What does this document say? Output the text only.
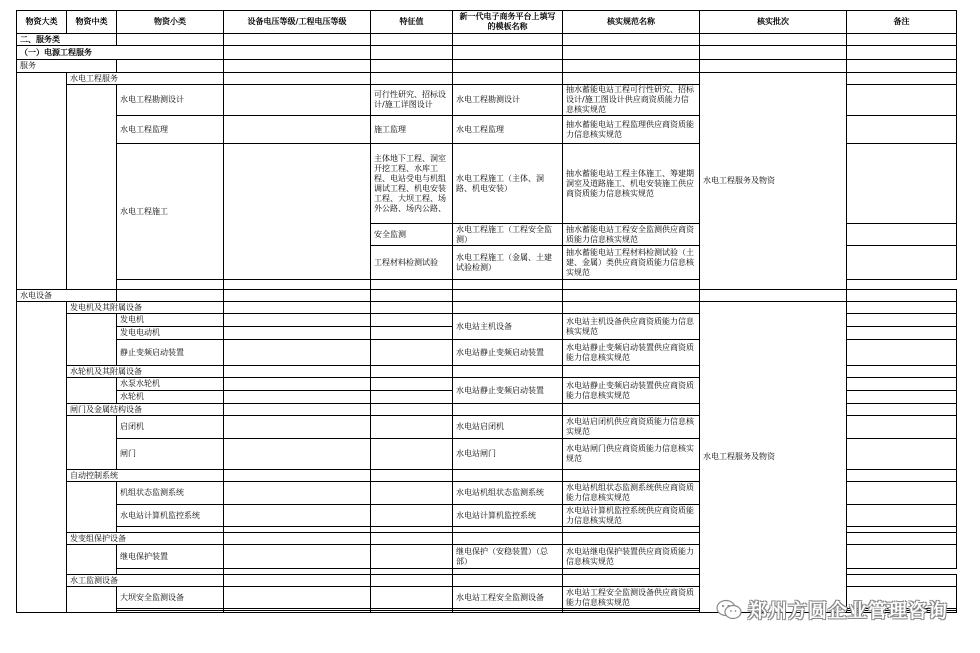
物资大类	物资中类	物资小类	设备电压等级/工程电压等级	特征值	新一代电子商务平台上填写的模板名称	核实规范名称	核实批次	备注
二、服务类								
（一）电源工程服务								
服务								
	水电工程服务						水电工程服务及物资	
		水电工程勘测设计		可行性研究、招标设计/施工详图设计	水电工程勘测设计	抽水蓄能电站工程可行性研究、招标设计/施工图设计供应商资质能力信息核实规范		
		水电工程监理		施工监理	水电工程监理	抽水蓄能电站工程监理供应商资质能力信息核实规范		
		水电工程施工		主体地下工程、洞室开挖工程、水库工程、电站受电与机组调试工程、机电安装工程、大坝工程、场外公路、场内公路、	水电工程施工（主体、洞路、机电安装）	抽水蓄能电站工程主体施工、筹建期洞室及道路施工、机电安装施工供应商资质能力信息核实规范		
				安全监测	水电工程施工（工程安全监测）	抽水蓄能电站工程安全监测供应商资质能力信息核实规范		
				工程材料检测试验	水电工程施工（金属、土建试验检测）	抽水蓄能电站工程材料检测试验（土建、金属）类供应商资质能力信息核实规范		

水电设备								
	发电机及其附属设备						水电工程服务及物资	
		发电机			水电站主机设备	水电站主机设备供应商资质能力信息核实规范		
		发电电动机						
		静止变频启动装置			水电站静止变频启动装置	水电站静止变频启动装置供应商资质能力信息核实规范		
	水轮机及其附属设备							
		水泵水轮机			水电站静止变频启动装置	水电站静止变频启动装置供应商资质能力信息核实规范		
		水轮机						
	闸门及金属结构设备							
		启闭机			水电站启闭机	水电站启闭机供应商资质能力信息核实规范		
		闸门			水电站闸门	水电站闸门供应商资质能力信息核实规范		
	自动控制系统							
		机组状态监测系统			水电站机组状态监测系统	水电站机组状态监测系统供应商资质能力信息核实规范		
		水电站计算机监控系统			水电站计算机监控系统	水电站计算机监控系统供应商资质能力信息核实规范		

	发变组保护设备							
		继电保护装置			继电保护（安稳装置）（总部）	水电站继电保护装置供应商资质能力信息核实规范		

	水工监测设备							
		大坝安全监测设备			水电站工程安全监测设备	水电站工程安全监测设备供应商资质能力信息核实规范		

						郑州方圆企业管理咨询
